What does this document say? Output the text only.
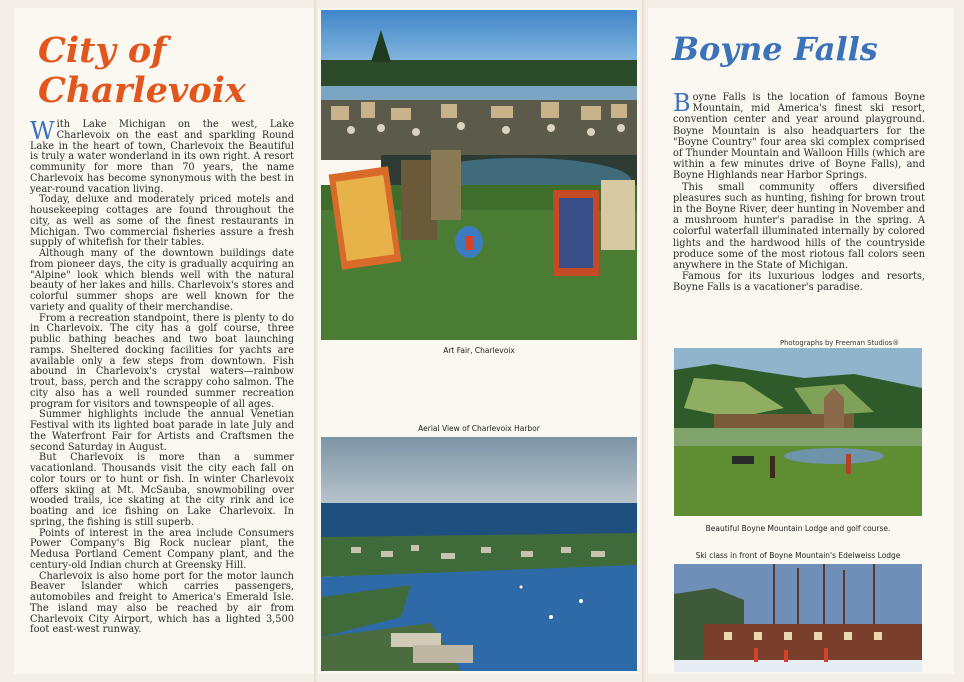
City of
Charlevoix

With Lake Michigan on the west, Lake Charlevoix on the east and sparkling Round Lake in the heart of town, Charlevoix the Beautiful is truly a water wonderland in its own right. A resort community for more than 70 years, the name Charlevoix has become synonymous with the best in year-round vacation living.

Today, deluxe and moderately priced motels and housekeeping cottages are found throughout the city, as well as some of the finest restaurants in Michigan. Two commercial fisheries assure a fresh supply of whitefish for their tables.

Although many of the downtown buildings date from pioneer days, the city is gradually acquiring an "Alpine" look which blends well with the natural beauty of her lakes and hills. Charlevoix's stores and colorful summer shops are well known for the variety and quality of their merchandise.

From a recreation standpoint, there is plenty to do in Charlevoix. The city has a golf course, three public bathing beaches and two boat launching ramps. Sheltered docking facilities for yachts are available only a few steps from downtown. Fish abound in Charlevoix's crystal waters—rainbow trout, bass, perch and the scrappy coho salmon. The city also has a well rounded summer recreation program for visitors and townspeople of all ages.

Summer highlights include the annual Venetian Festival with its lighted boat parade in late July and the Waterfront Fair for Artists and Craftsmen the second Saturday in August.

But Charlevoix is more than a summer vacationland. Thousands visit the city each fall on color tours or to hunt or fish. In winter Charlevoix offers skiing at Mt. McSauba, snowmobiling over wooded trails, ice skating at the city rink and ice boating and ice fishing on Lake Charlevoix. In spring, the fishing is still superb.

Points of interest in the area include Consumers Power Company's Big Rock nuclear plant, the Medusa Portland Cement Company plant, and the century-old Indian church at Greensky Hill.

Charlevoix is also home port for the motor launch Beaver Islander which carries passengers, automobiles and freight to America's Emerald Isle. The island may also be reached by air from Charlevoix City Airport, which has a lighted 3,500 foot east-west runway.

Art Fair, Charlevoix
Aerial View of Charlevoix Harbor
Boyne Falls

Boyne Falls is the location of famous Boyne Mountain, mid America's finest ski resort, convention center and year around playground. Boyne Mountain is also headquarters for the "Boyne Country" four area ski complex comprised of Thunder Mountain and Walloon Hills (which are within a few minutes drive of Boyne Falls), and Boyne Highlands near Harbor Springs.

This small community offers diversified pleasures such as hunting, fishing for brown trout in the Boyne River, deer hunting in November and a mushroom hunter's paradise in the spring. A colorful waterfall illuminated internally by colored lights and the hardwood hills of the countryside produce some of the most riotous fall colors seen anywhere in the State of Michigan.

Famous for its luxurious lodges and resorts, Boyne Falls is a vacationer's paradise.

Photographs by Freeman Studios®
Beautiful Boyne Mountain Lodge and golf course.
Ski class in front of Boyne Mountain's Edelweiss Lodge
